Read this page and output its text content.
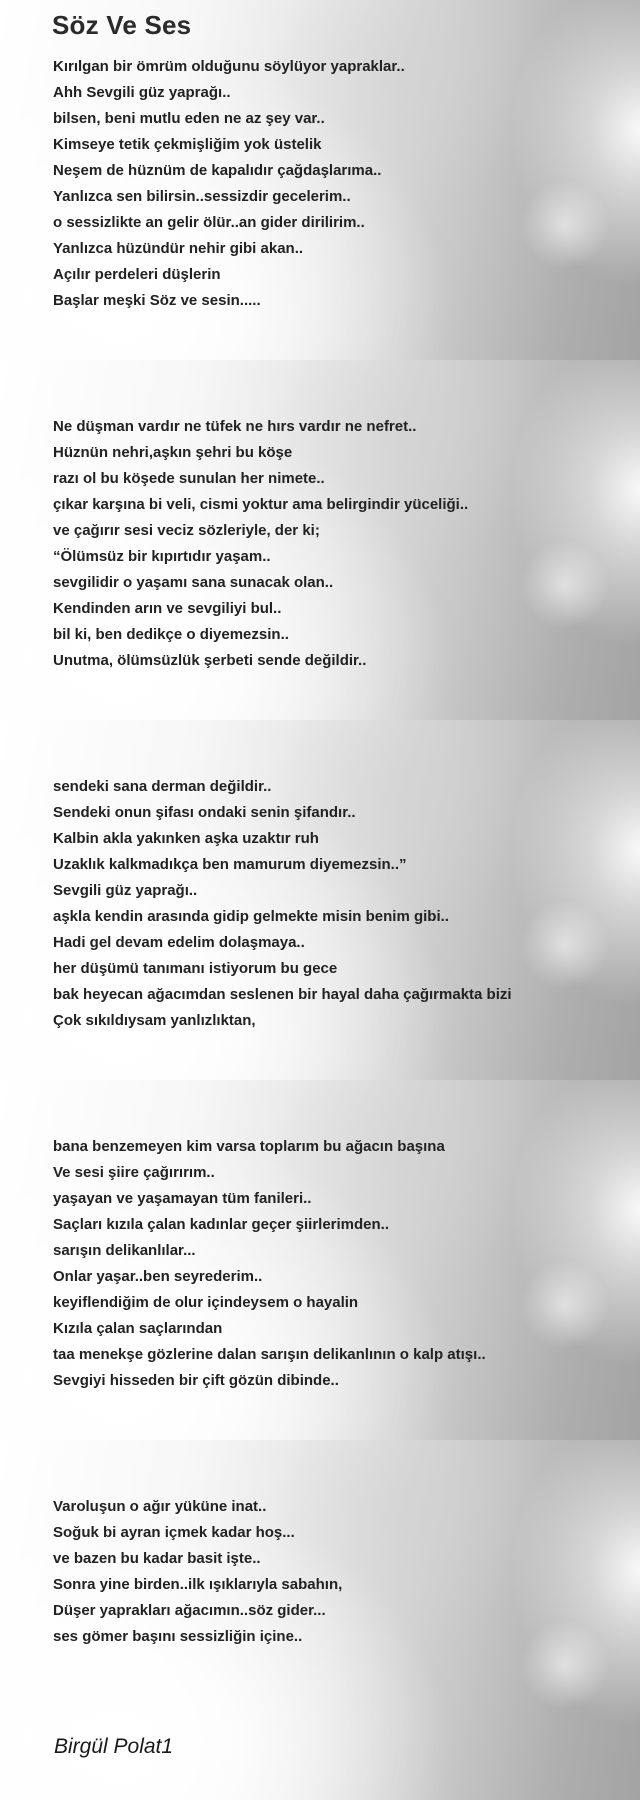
Söz Ve Ses
Kırılgan bir ömrüm olduğunu söylüyor yapraklar..
Ahh Sevgili güz yaprağı..
bilsen, beni mutlu eden ne az şey var..
Kimseye tetik çekmişliğim yok üstelik
Neşem de hüznüm de kapalıdır çağdaşlarıma..
Yanlızca sen bilirsin..sessizdir gecelerim..
o sessizlikte an gelir ölür..an gider dirilirim..
Yanlızca hüzündür nehir gibi akan..
Açılır perdeleri düşlerin
Başlar meşki Söz ve sesin.....
Ne düşman vardır ne tüfek ne hırs vardır ne nefret..
Hüznün nehri,aşkın şehri bu köşe
razı ol bu köşede sunulan her nimete..
çıkar karşına bi veli, cismi yoktur ama belirgindir yüceliği..
ve çağırır sesi veciz sözleriyle, der ki;
“Ölümsüz bir kıpırtıdır yaşam..
sevgilidir o yaşamı sana sunacak olan..
Kendinden arın ve sevgiliyi bul..
bil ki, ben dedikçe o diyemezsin..
Unutma, ölümsüzlük şerbeti sende değildir..
sendeki sana derman değildir..
Sendeki onun şifası ondaki senin şifandır..
Kalbin akla yakınken aşka uzaktır ruh
Uzaklık kalkmadıkça ben mamurum diyemezsin..”
Sevgili güz yaprağı..
aşkla kendin arasında gidip gelmekte misin benim gibi..
Hadi gel devam edelim dolaşmaya..
her düşümü tanımanı istiyorum bu gece
bak heyecan ağacımdan seslenen bir hayal daha çağırmakta bizi
Çok sıkıldıysam yanlızlıktan,
bana benzemeyen kim varsa toplarım bu ağacın başına
Ve sesi şiire çağırırım..
yaşayan ve yaşamayan tüm fanileri..
Saçları kızıla çalan kadınlar geçer şiirlerimden..
sarışın delikanlılar...
Onlar yaşar..ben seyrederim..
keyiflendiğim de olur içindeysem o hayalin
Kızıla çalan saçlarından
taa menekşe gözlerine dalan sarışın delikanlının o kalp atışı..
Sevgiyi hisseden bir çift gözün dibinde..
Varoluşun o ağır yüküne inat..
Soğuk bi ayran içmek kadar hoş...
ve bazen bu kadar basit işte..
Sonra yine birden..ilk ışıklarıyla sabahın,
Düşer yaprakları ağacımın..söz gider...
ses gömer başını sessizliğin içine..
Birgül Polat1
